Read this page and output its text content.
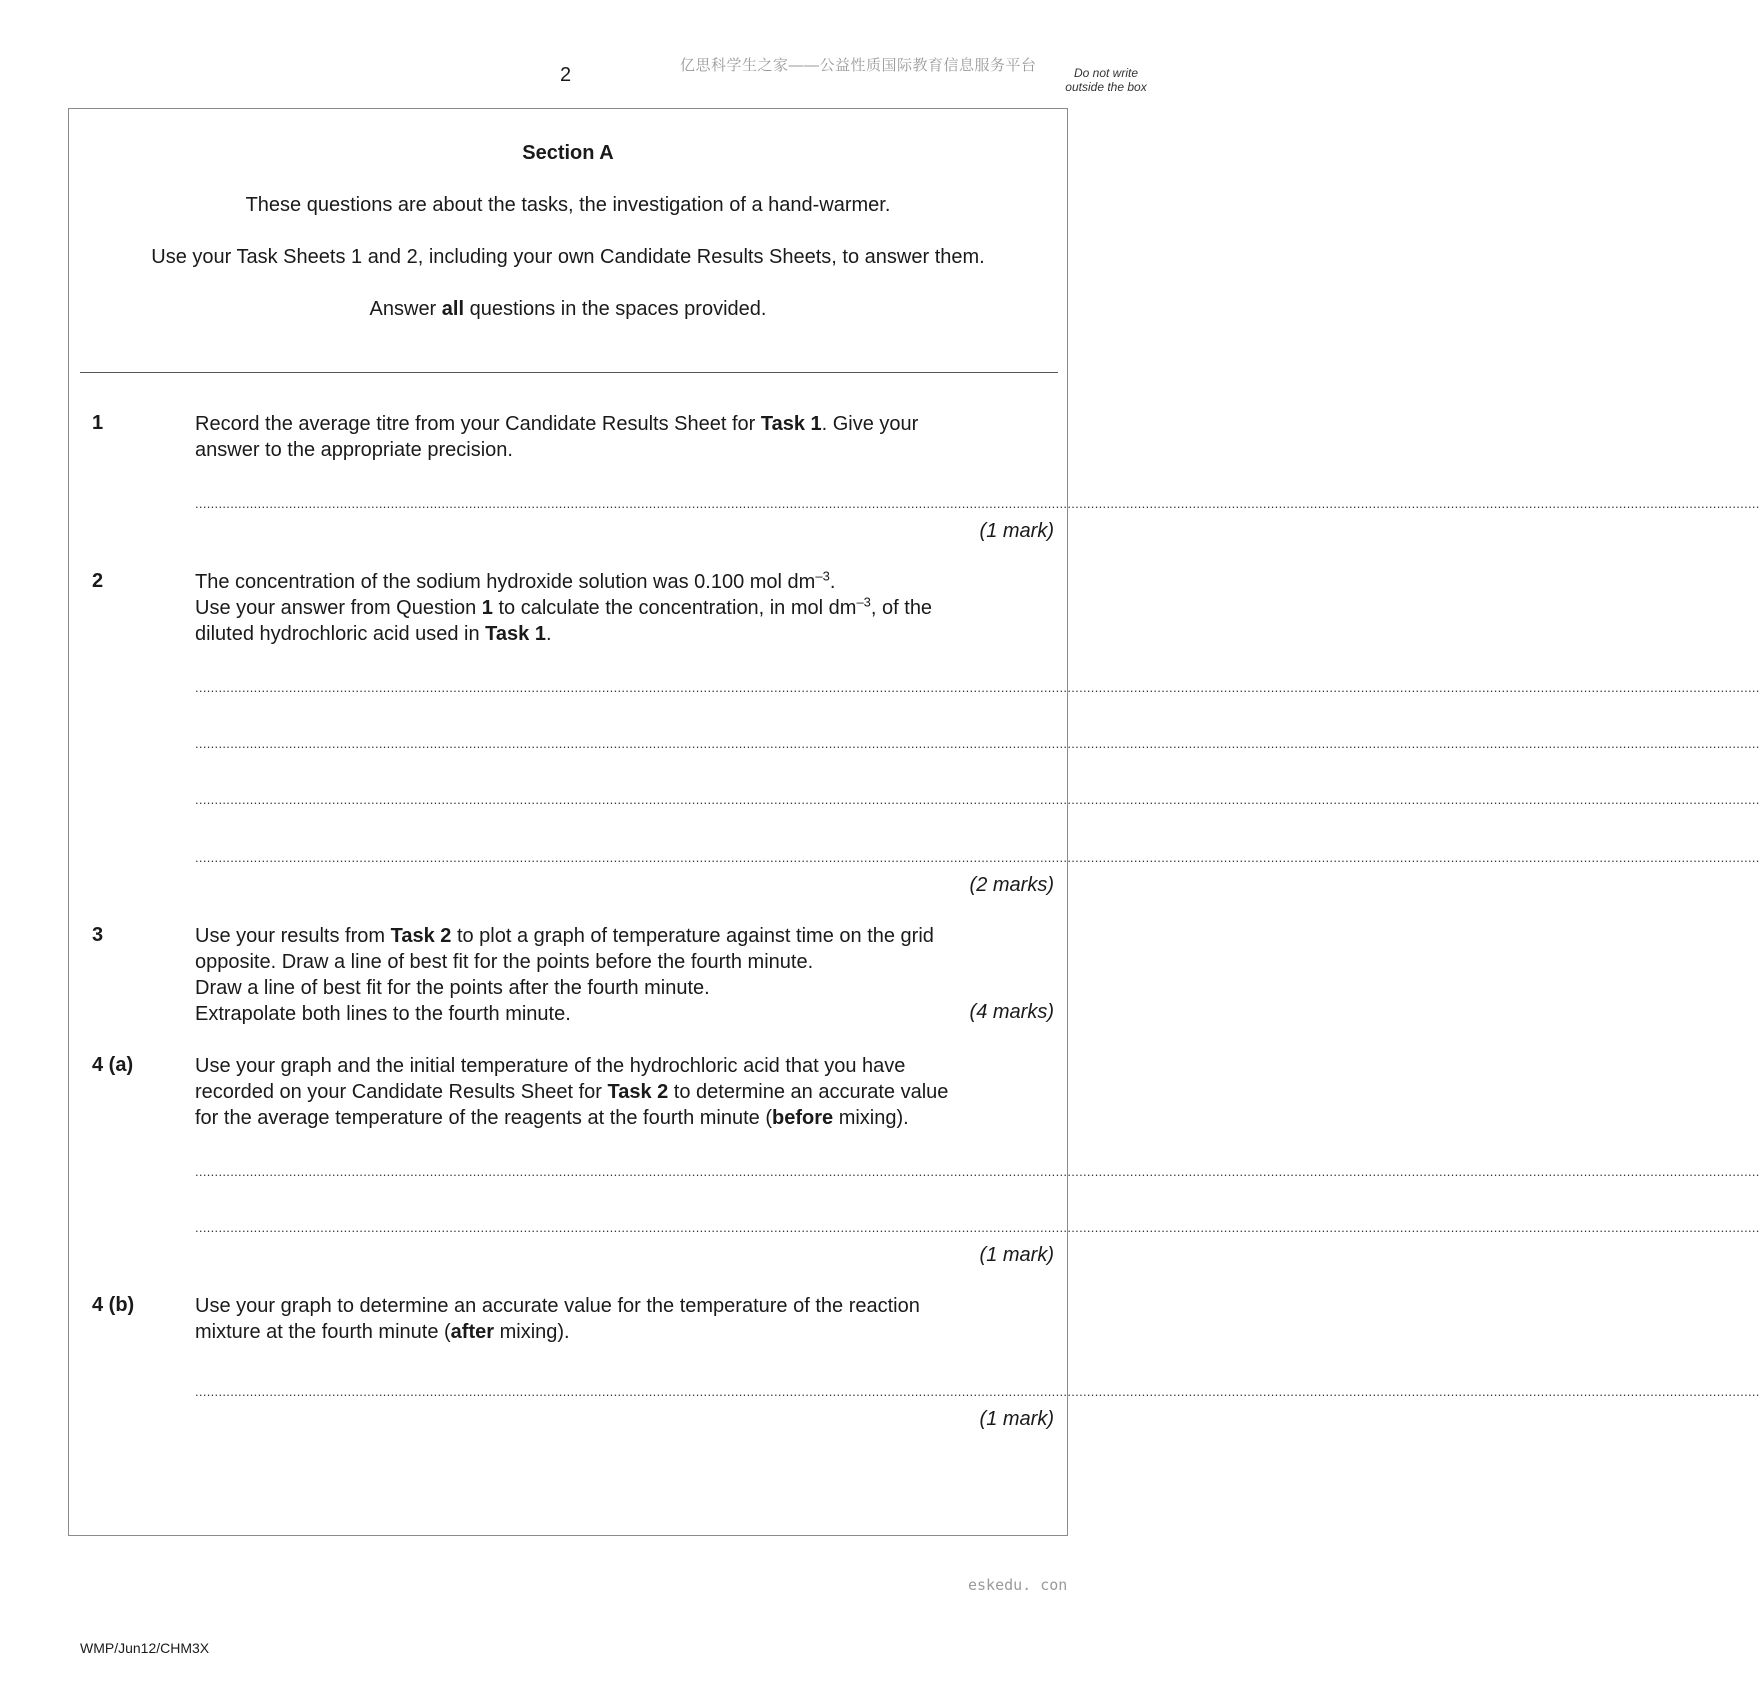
2	亿思科学生之家——公益性质国际教育信息服务平台	Do not write outside the box
Section A
These questions are about the tasks, the investigation of a hand-warmer.
Use your Task Sheets 1 and 2, including your own Candidate Results Sheets, to answer them.
Answer all questions in the spaces provided.
1	Record the average titre from your Candidate Results Sheet for Task 1. Give your
answer to the appropriate precision.
................................................................................................................................................................................................................................................................................................................................................................................................................
(1 mark)
2	The concentration of the sodium hydroxide solution was 0.100 mol $dm^{-3}$.
Use your answer from Question 1 to calculate the concentration, in mol $dm^{-3}$, of the
diluted hydrochloric acid used in Task 1.
................................................................................................................................................................................................................................................................................................................................................................................................................
................................................................................................................................................................................................................................................................................................................................................................................................................
................................................................................................................................................................................................................................................................................................................................................................................................................
................................................................................................................................................................................................................................................................................................................................................................................................................
(2 marks)
3	Use your results from Task 2 to plot a graph of temperature against time on the grid
opposite. Draw a line of best fit for the points before the fourth minute.
Draw a line of best fit for the points after the fourth minute.
Extrapolate both lines to the fourth minute.	(4 marks)
4 (a)	Use your graph and the initial temperature of the hydrochloric acid that you have
recorded on your Candidate Results Sheet for Task 2 to determine an accurate value
for the average temperature of the reagents at the fourth minute (before mixing).
................................................................................................................................................................................................................................................................................................................................................................................................................
................................................................................................................................................................................................................................................................................................................................................................................................................
(1 mark)
4 (b)	Use your graph to determine an accurate value for the temperature of the reaction
mixture at the fourth minute (after mixing).
................................................................................................................................................................................................................................................................................................................................................................................................................
(1 mark)
eskedu. con
WMP/Jun12/CHM3X
